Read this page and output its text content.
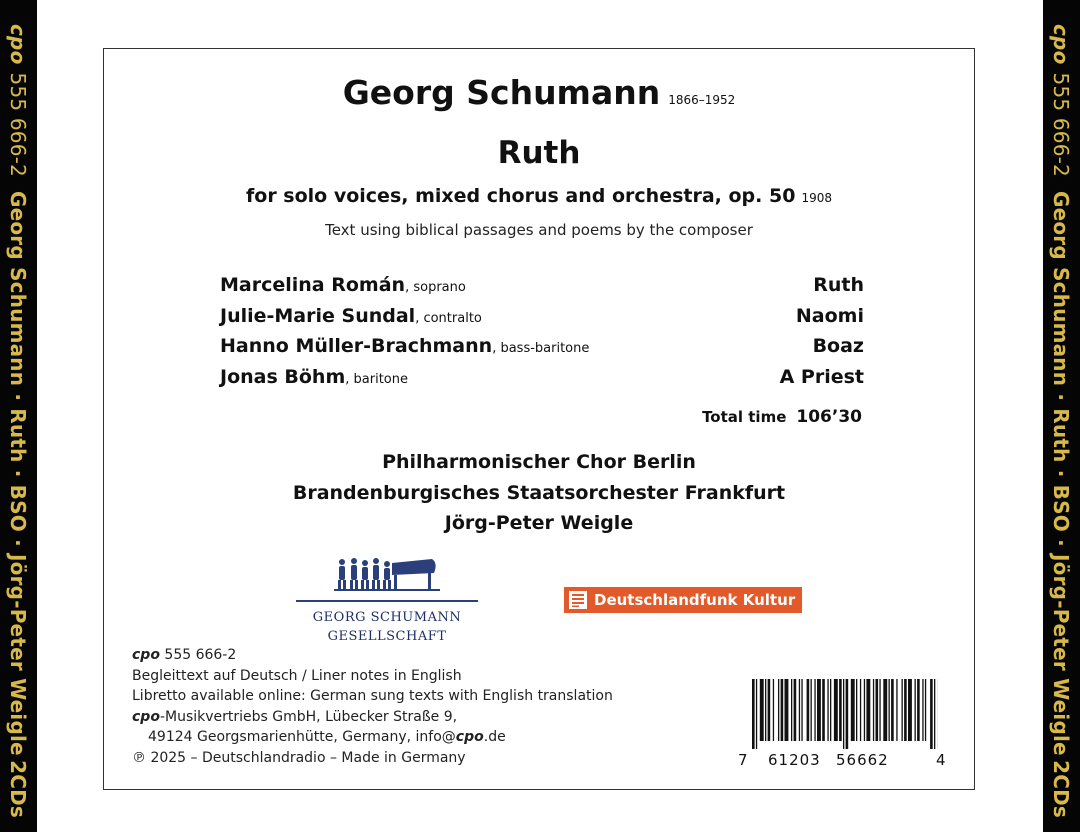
cpo
555 666-2
Georg Schumann · Ruth · BSO · Jörg-Peter Weigle
2CDs
cpo
555 666-2
Georg Schumann · Ruth · BSO · Jörg-Peter Weigle
2CDs
Georg Schumann 1866–1952
Ruth
for solo voices, mixed chorus and orchestra, op. 50 1908
Text using biblical passages and poems by the composer
Marcelina Román, soprano	Ruth
Julie-Marie Sundal, contralto	Naomi
Hanno Müller-Brachmann, bass-baritone	Boaz
Jonas Böhm, baritone	A Priest
Total time 106’30
Philharmonischer Chor Berlin
Brandenburgisches Staatsorchester Frankfurt
Jörg-Peter Weigle
GEORG SCHUMANN
GESELLSCHAFT
Deutschlandfunk Kultur
cpo 555 666-2
Begleittext auf Deutsch / Liner notes in English
Libretto available online: German sung texts with English translation
cpo-Musikvertriebs GmbH, Lübecker Straße 9,
49124 Georgsmarienhütte, Germany, info@cpo.de
℗ 2025 – Deutschlandradio – Made in Germany	7 61203 56662	4
